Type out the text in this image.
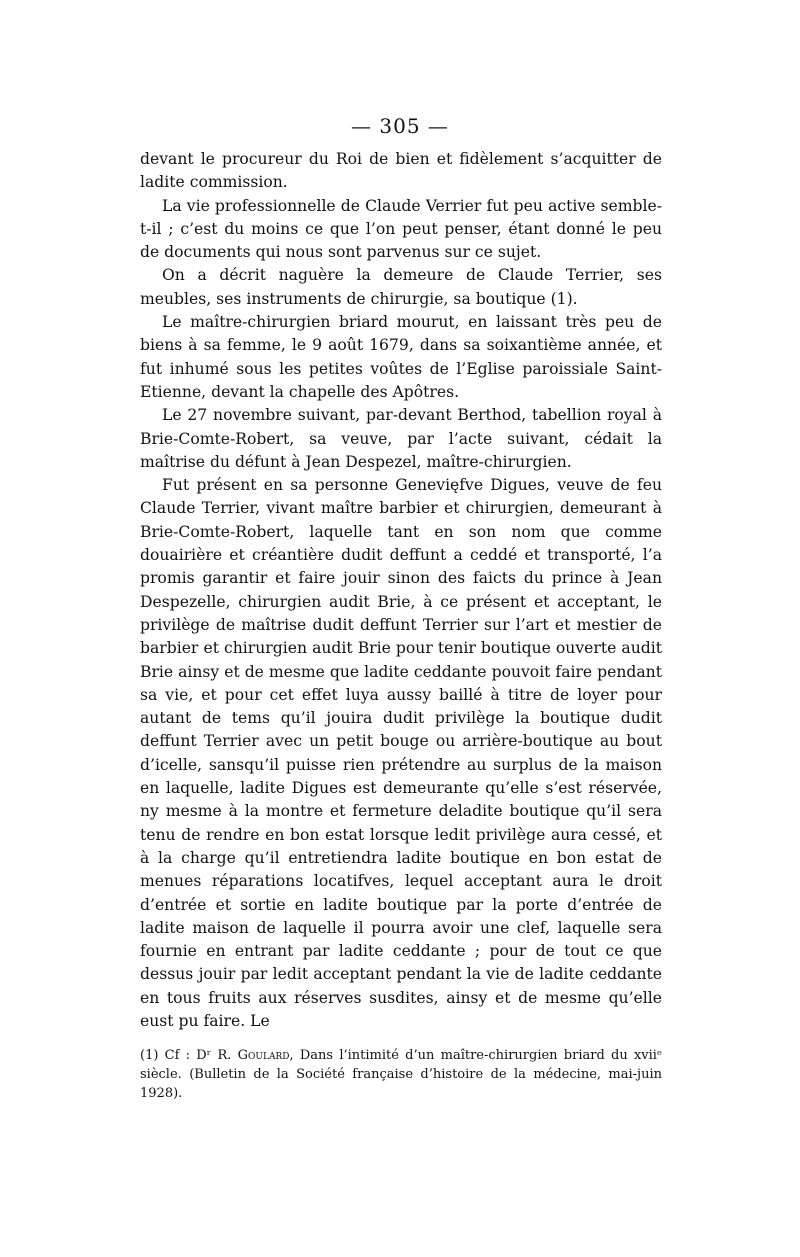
— 305 —

devant le procureur du Roi de bien et fidèlement s’acquitter de ladite commission.

La vie professionnelle de Claude Verrier fut peu active semble-t-il ; c’est du moins ce que l’on peut penser, étant donné le peu de documents qui nous sont parvenus sur ce sujet.

On a décrit naguère la demeure de Claude Terrier, ses meubles, ses instruments de chirurgie, sa boutique (1).

Le maître-chirurgien briard mourut, en laissant très peu de biens à sa femme, le 9 août 1679, dans sa soixantième année, et fut inhumé sous les petites voûtes de l’Eglise paroissiale Saint-Etienne, devant la chapelle des Apôtres.

Le 27 novembre suivant, par-devant Berthod, tabellion royal à Brie-Comte-Robert, sa veuve, par l’acte suivant, cédait la maîtrise du défunt à Jean Despezel, maître-chirurgien.

Fut présent en sa personne Genevięfve Digues, veuve de feu Claude Terrier, vivant maître barbier et chirurgien, demeurant à Brie-Comte-Robert, laquelle tant en son nom que comme douairière et créantière dudit deffunt a ceddé et transporté, l’a promis garantir et faire jouir sinon des faicts du prince à Jean Despezelle, chirurgien audit Brie, à ce présent et acceptant, le privilège de maîtrise dudit deffunt Terrier sur l’art et mestier de barbier et chirurgien audit Brie pour tenir boutique ouverte audit Brie ainsy et de mesme que ladite ceddante pouvoit faire pendant sa vie, et pour cet effet luya aussy baillé à titre de loyer pour autant de tems qu’il jouira dudit privilège la boutique dudit deffunt Terrier avec un petit bouge ou arrière-boutique au bout d’icelle, sansqu’il puisse rien prétendre au surplus de la maison en laquelle, ladite Digues est demeurante qu’elle s’est réservée, ny mesme à la montre et fermeture deladite boutique qu’il sera tenu de rendre en bon estat lorsque ledit privilège aura cessé, et à la charge qu’il entretiendra ladite boutique en bon estat de menues réparations locatifves, lequel acceptant aura le droit d’entrée et sortie en ladite boutique par la porte d’entrée de ladite maison de laquelle il pourra avoir une clef, laquelle sera fournie en entrant par ladite ceddante ; pour de tout ce que dessus jouir par ledit acceptant pendant la vie de ladite ceddante en tous fruits aux réserves susdites, ainsy et de mesme qu’elle eust pu faire. Le

(1) Cf : Dʳ R. Goulard, Dans l’intimité d’un maître-chirurgien briard du xviiᵉ siècle. (Bulletin de la Société française d’histoire de la médecine, mai-juin 1928).
